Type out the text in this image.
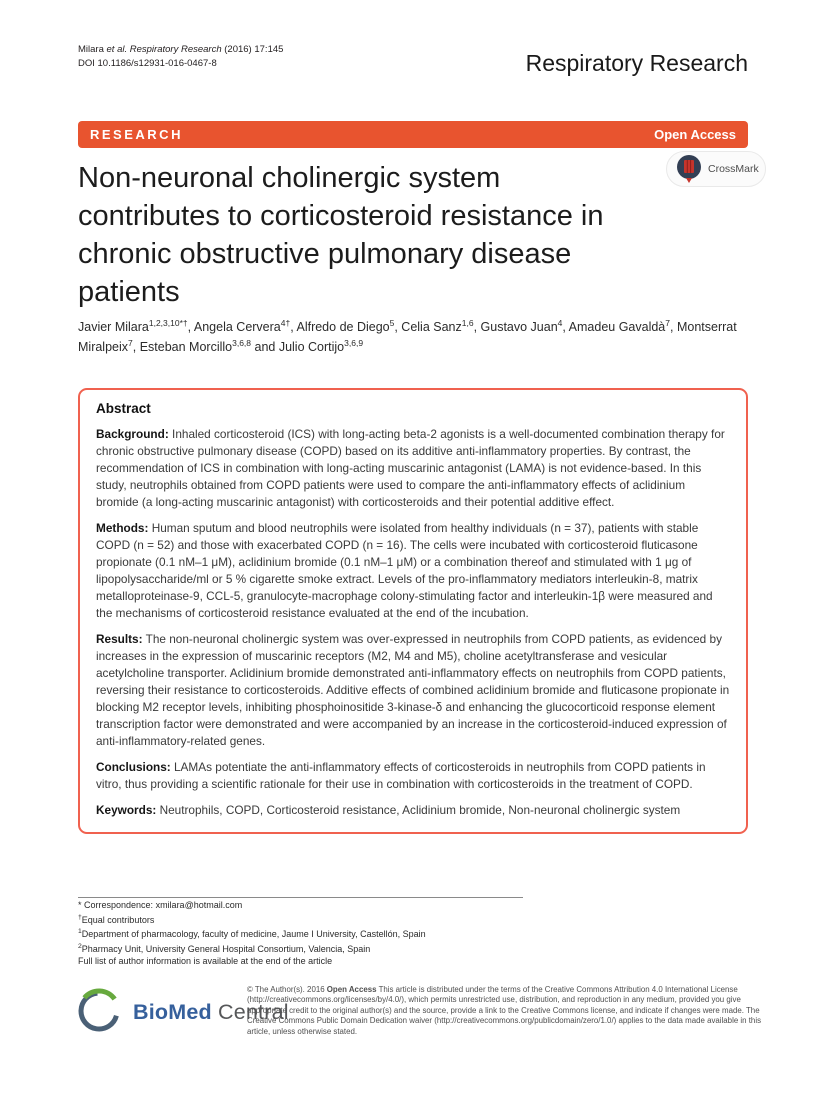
Milara et al. Respiratory Research (2016) 17:145
DOI 10.1186/s12931-016-0467-8	Respiratory Research
RESEARCH	Open Access
CrossMark
Non-neuronal cholinergic system
contributes to corticosteroid resistance in
chronic obstructive pulmonary disease
patients
Javier Milara$^{1,2,3,10*\dagger}$, Angela Cervera$^{4\dagger}$, Alfredo de Diego$^5$, Celia Sanz$^{1,6}$, Gustavo Juan$^4$, Amadeu Gavaldà$^7$, Montserrat Miralpeix$^7$, Esteban Morcillo$^{3,6,8}$ and Julio Cortijo$^{3,6,9}$
Abstract

Background: Inhaled corticosteroid (ICS) with long-acting beta-2 agonists is a well-documented combination therapy for chronic obstructive pulmonary disease (COPD) based on its additive anti-inflammatory properties. By contrast, the recommendation of ICS in combination with long-acting muscarinic antagonist (LAMA) is not evidence-based. In this study, neutrophils obtained from COPD patients were used to compare the anti-inflammatory effects of aclidinium bromide (a long-acting muscarinic antagonist) with corticosteroids and their potential additive effect.

Methods: Human sputum and blood neutrophils were isolated from healthy individuals (n = 37), patients with stable COPD (n = 52) and those with exacerbated COPD (n = 16). The cells were incubated with corticosteroid fluticasone propionate (0.1 nM–1 μM), aclidinium bromide (0.1 nM–1 μM) or a combination thereof and stimulated with 1 μg of lipopolysaccharide/ml or 5 % cigarette smoke extract. Levels of the pro-inflammatory mediators interleukin-8, matrix metalloproteinase-9, CCL-5, granulocyte-macrophage colony-stimulating factor and interleukin-1β were measured and the mechanisms of corticosteroid resistance evaluated at the end of the incubation.

Results: The non-neuronal cholinergic system was over-expressed in neutrophils from COPD patients, as evidenced by increases in the expression of muscarinic receptors (M2, M4 and M5), choline acetyltransferase and vesicular acetylcholine transporter. Aclidinium bromide demonstrated anti-inflammatory effects on neutrophils from COPD patients, reversing their resistance to corticosteroids. Additive effects of combined aclidinium bromide and fluticasone propionate in blocking M2 receptor levels, inhibiting phosphoinositide 3-kinase-δ and enhancing the glucocorticoid response element transcription factor were demonstrated and were accompanied by an increase in the corticosteroid-induced expression of anti-inflammatory-related genes.

Conclusions: LAMAs potentiate the anti-inflammatory effects of corticosteroids in neutrophils from COPD patients in vitro, thus providing a scientific rationale for their use in combination with corticosteroids in the treatment of COPD.

Keywords: Neutrophils, COPD, Corticosteroid resistance, Aclidinium bromide, Non-neuronal cholinergic system

* Correspondence: xmilara@hotmail.com
†Equal contributors
$^1$Department of pharmacology, faculty of medicine, Jaume I University, Castellón, Spain
$^2$Pharmacy Unit, University General Hospital Consortium, Valencia, Spain
Full list of author information is available at the end of the article
BioMed Central
© The Author(s). 2016 Open Access This article is distributed under the terms of the Creative Commons Attribution 4.0 International License (http://creativecommons.org/licenses/by/4.0/), which permits unrestricted use, distribution, and reproduction in any medium, provided you give appropriate credit to the original author(s) and the source, provide a link to the Creative Commons license, and indicate if changes were made. The Creative Commons Public Domain Dedication waiver (http://creativecommons.org/publicdomain/zero/1.0/) applies to the data made available in this article, unless otherwise stated.
